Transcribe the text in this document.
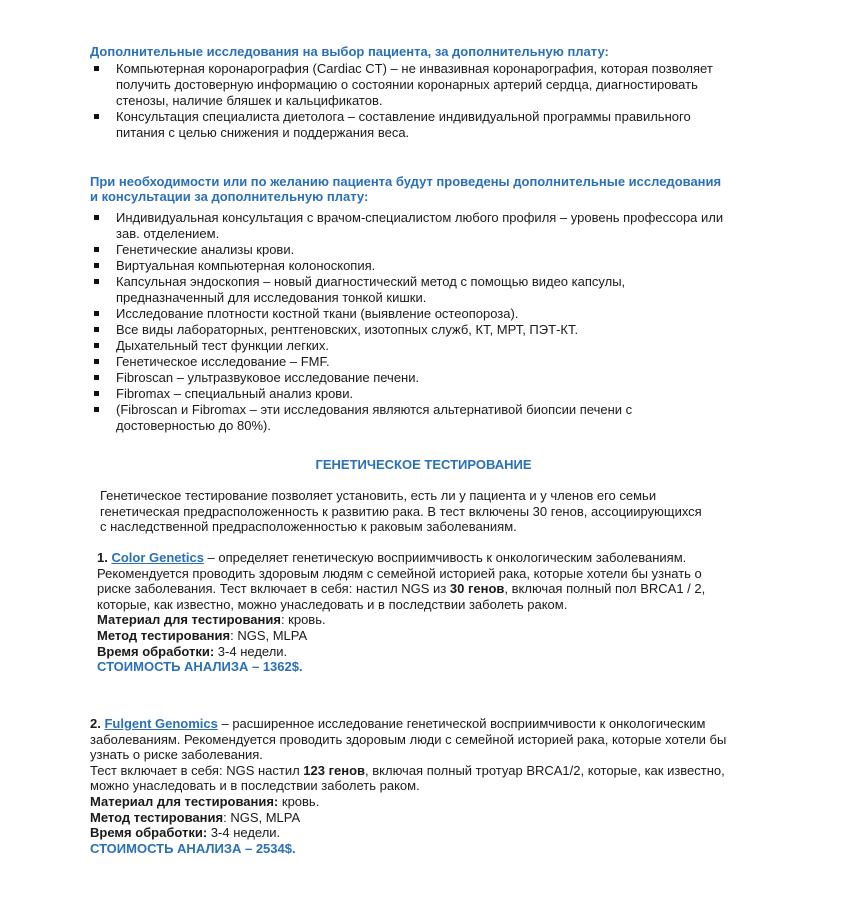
Дополнительные исследования на выбор пациента, за дополнительную плату:
Компьютерная коронарография (Cardiac CT) – не инвазивная коронарография, которая позволяет получить достоверную информацию о состоянии коронарных артерий сердца, диагностировать стенозы, наличие бляшек и кальцификатов.
Консультация специалиста диетолога – составление индивидуальной программы правильного питания с целью снижения и поддержания веса.
При необходимости или по желанию пациента будут проведены дополнительные исследования и консультации за дополнительную плату:
Индивидуальная консультация с врачом-специалистом любого профиля – уровень профессора или зав. отделением.
Генетические анализы крови.
Виртуальная компьютерная колоноскопия.
Капсульная эндоскопия – новый диагностический метод с помощью видео капсулы, предназначенный для исследования тонкой кишки.
Исследование плотности костной ткани (выявление остеопороза).
Все виды лабораторных, рентгеновских, изотопных служб, КТ, МРТ, ПЭТ-КТ.
Дыхательный тест функции легких.
Генетическое исследование – FMF.
Fibroscan – ультразвуковое исследование печени.
Fibromax – специальный анализ крови.
(Fibroscan и Fibromax – эти исследования являются альтернативой биопсии печени с достоверностью до 80%).
ГЕНЕТИЧЕСКОЕ ТЕСТИРОВАНИЕ
Генетическое тестирование позволяет установить, есть ли у пациента и у членов его семьи генетическая предрасположенность к развитию рака. В тест включены 30 генов, ассоциирующихся с наследственной предрасположенностью к раковым заболеваниям.
1. Color Genetics – определяет генетическую восприимчивость к онкологическим заболеваниям. Рекомендуется проводить здоровым людям с семейной историей рака, которые хотели бы узнать о риске заболевания. Тест включает в себя: настил NGS из 30 генов, включая полный пол BRCA1 / 2, которые, как известно, можно унаследовать и в последствии заболеть раком.
Материал для тестирования: кровь.
Метод тестирования: NGS, MLPA
Время обработки: 3-4 недели.
СТОИМОСТЬ АНАЛИЗА – 1362$.
2. Fulgent Genomics – расширенное исследование генетической восприимчивости к онкологическим заболеваниям. Рекомендуется проводить здоровым люди с семейной историей рака, которые хотели бы узнать о риске заболевания.
Тест включает в себя: NGS настил 123 генов, включая полный тротуар BRCA1/2, которые, как известно, можно унаследовать и в последствии заболеть раком.
Материал для тестирования: кровь.
Метод тестирования: NGS, MLPA
Время обработки: 3-4 недели.
СТОИМОСТЬ АНАЛИЗА – 2534$.
